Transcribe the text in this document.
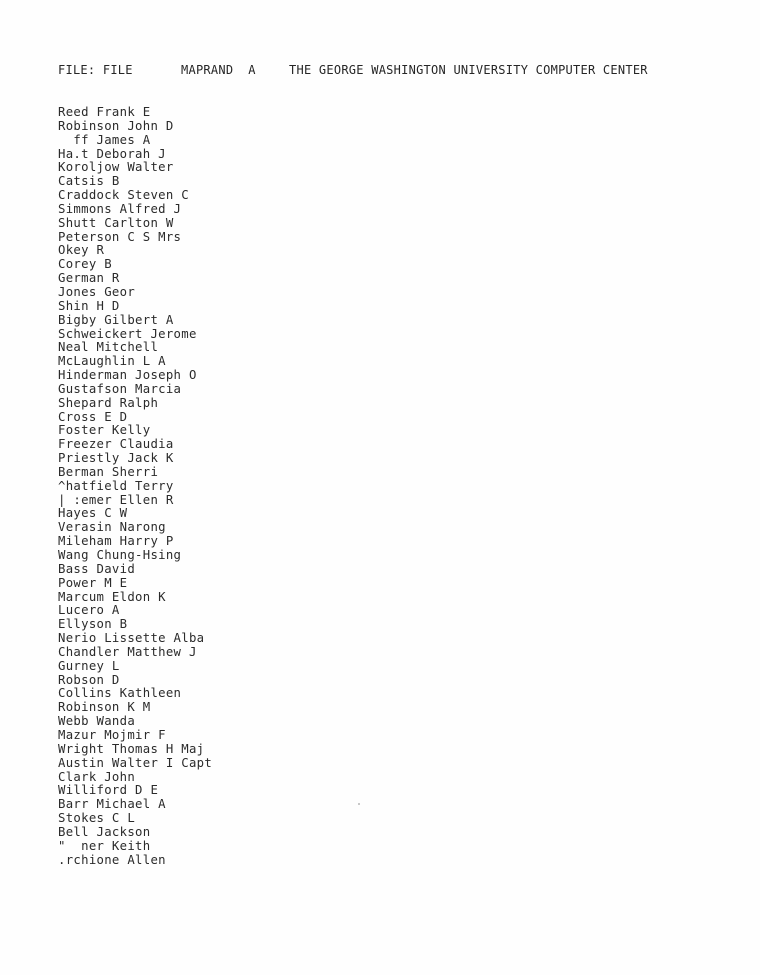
FILE: FILE	MAPRAND  A	THE GEORGE WASHINGTON UNIVERSITY COMPUTER CENTER
Reed Frank E
Robinson John D
ff James A
Ha.t Deborah J
Koroljow Walter
Catsis B
Craddock Steven C
Simmons Alfred J
Shutt Carlton W
Peterson C S Mrs
Okey R
Corey B
German R
Jones Geor
Shin H D
Bigby Gilbert A
Schweickert Jerome
Neal Mitchell
McLaughlin L A
Hinderman Joseph O
Gustafson Marcia
Shepard Ralph
Cross E D
Foster Kelly
Freezer Claudia
Priestly Jack K
Berman Sherri
^hatfield Terry
| :emer Ellen R
Hayes C W
Verasin Narong
Mileham Harry P
Wang Chung-Hsing
Bass David
Power M E
Marcum Eldon K
Lucero A
Ellyson B
Nerio Lissette Alba
Chandler Matthew J
Gurney L
Robson D
Collins Kathleen
Robinson K M
Webb Wanda
Mazur Mojmir F
Wright Thomas H Maj
Austin Walter I Capt
Clark John
Williford D E
Barr Michael A
Stokes C L
Bell Jackson
"  ner Keith
.rchione Allen
